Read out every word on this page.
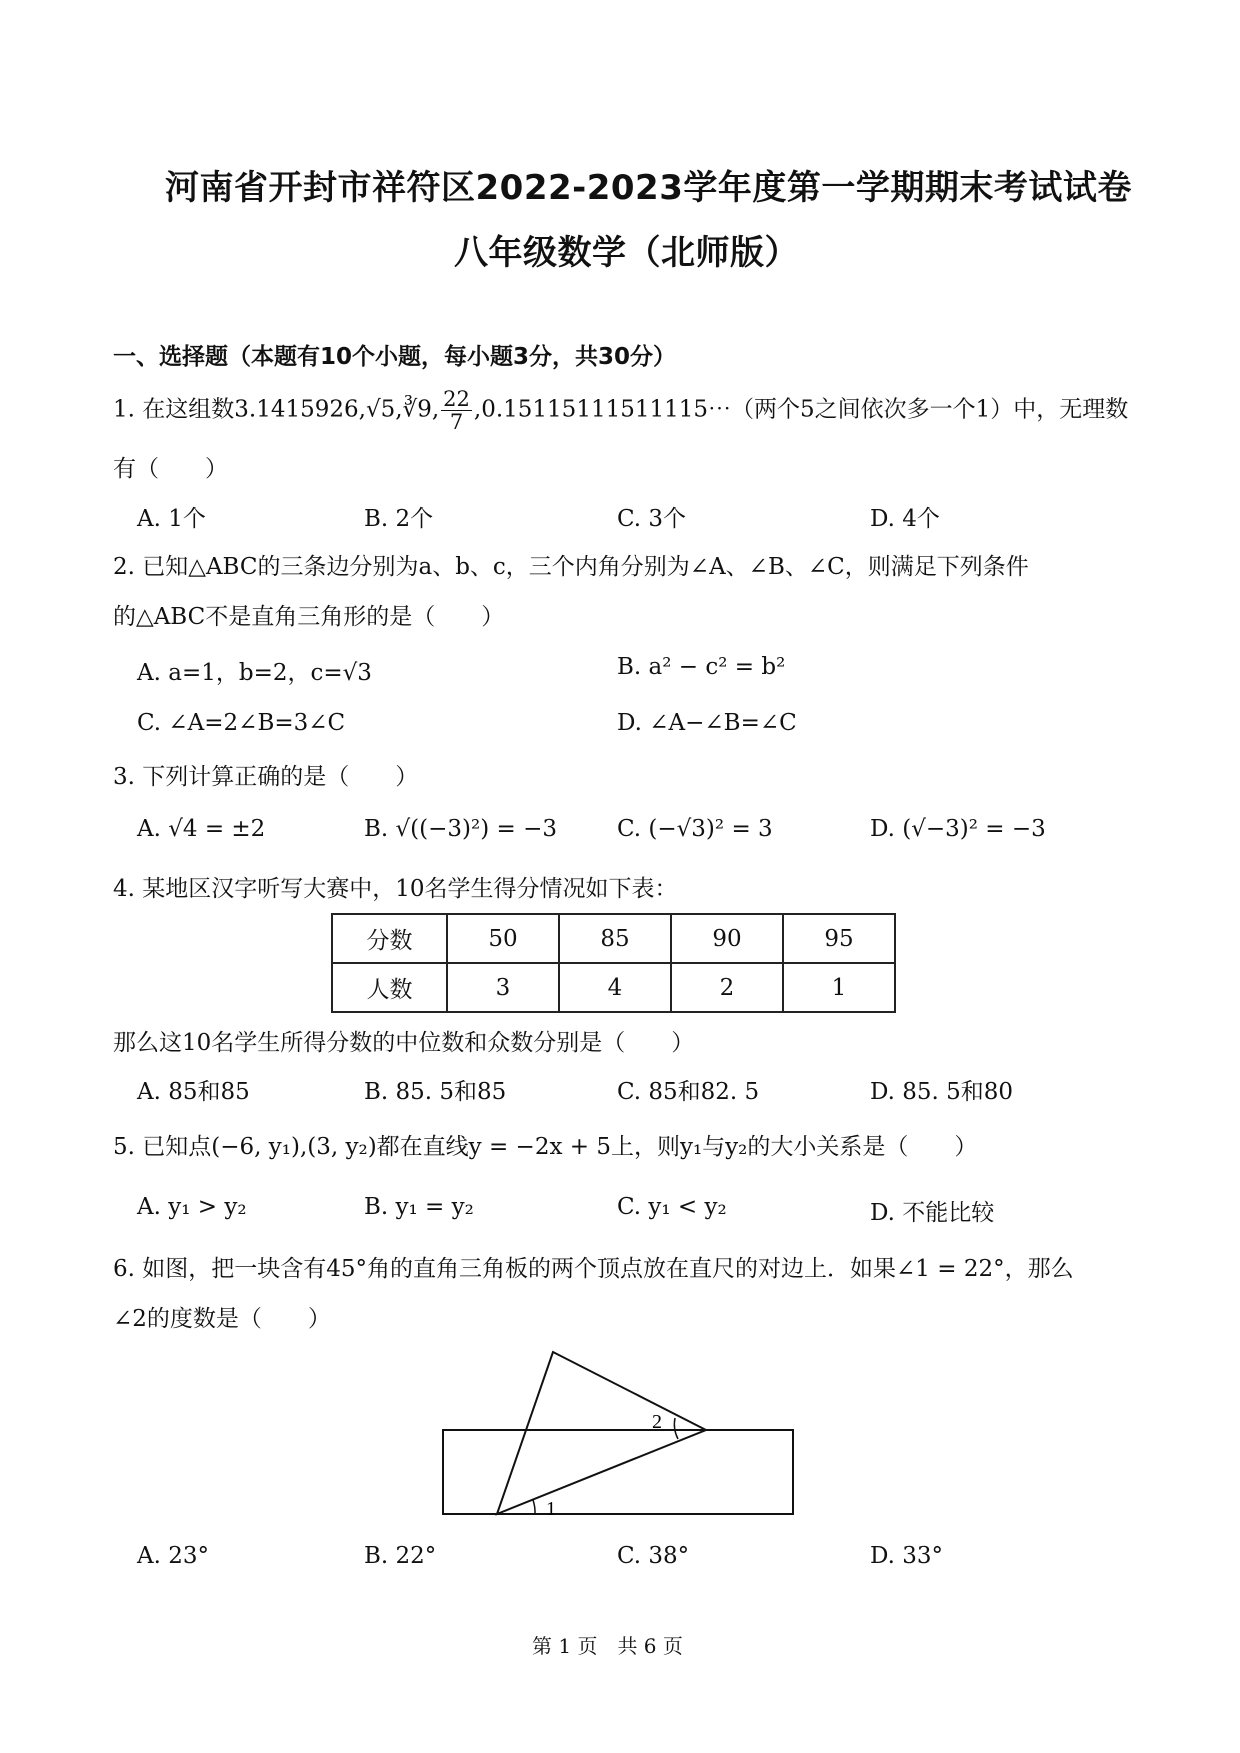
河南省开封市祥符区2022-2023学年度第一学期期末考试试卷
八年级数学（北师版）
一、选择题（本题有10个小题，每小题3分，共30分）
1. 在这组数3.1415926,√5,∛9, $\frac{22}{7}$ ,0.15115111511115⋯（两个5之间依次多一个1）中，无理数
有（　　）
A. 1个	B. 2个	C. 3个	D. 4个
2. 已知△ABC的三条边分别为a、b、c，三个内角分别为∠A、∠B、∠C，则满足下列条件
的△ABC不是直角三角形的是（　　）
A. a=1，b=2，c=√3	B. a² − c² = b²
C. ∠A=2∠B=3∠C	D. ∠A−∠B=∠C
3. 下列计算正确的是（　　）
A. √4 = ±2	B. √((−3)²) = −3	C. (−√3)² = 3	D. (√−3)² = −3
4. 某地区汉字听写大赛中，10名学生得分情况如下表：
分数	50	85	90	95
人数	3	4	2	1
那么这10名学生所得分数的中位数和众数分别是（　　）
A. 85和85	B. 85. 5和85	C. 85和82. 5	D. 85. 5和80
5. 已知点(−6, y₁),(3, y₂)都在直线y = −2x + 5上，则y₁与y₂的大小关系是（　　）
A. y₁ > y₂	B. y₁ = y₂	C. y₁ < y₂	D. 不能比较
6. 如图，把一块含有45°角的直角三角板的两个顶点放在直尺的对边上．如果∠1 = 22°，那么
∠2的度数是（　　）
1
2
A. 23°	B. 22°	C. 38°	D. 33°
第 1 页　共 6 页
